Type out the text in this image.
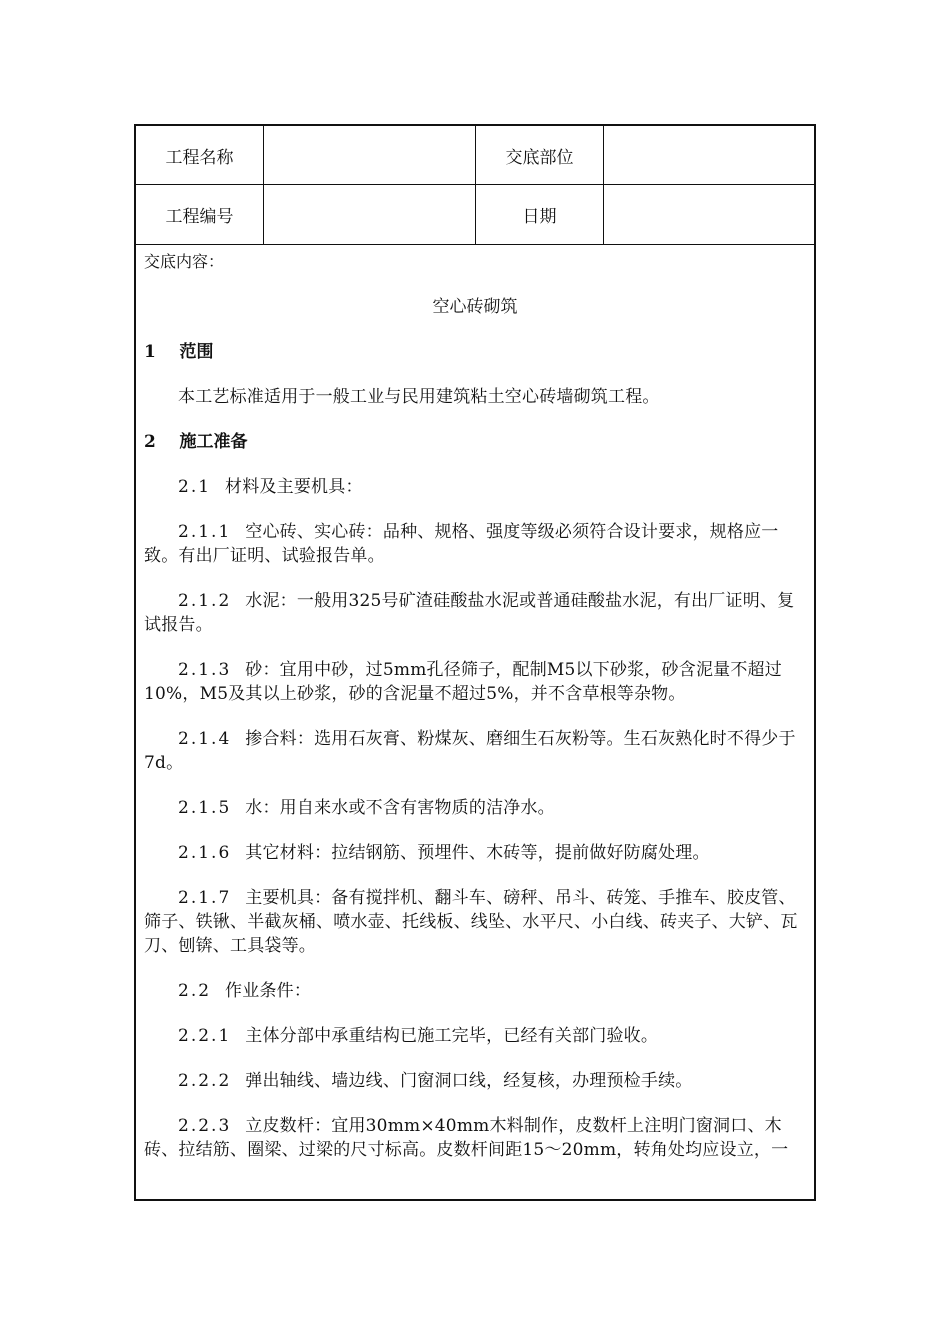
工程名称	交底部位
工程编号	日期
交底内容：
空心砖砌筑
1 范围
本工艺标准适用于一般工业与民用建筑粘土空心砖墙砌筑工程。
2 施工准备
2.1 材料及主要机具：
2.1.1 空心砖、实心砖：品种、规格、强度等级必须符合设计要求，规格应一致。有出厂证明、试验报告单。
2.1.2 水泥：一般用325号矿渣硅酸盐水泥或普通硅酸盐水泥，有出厂证明、复试报告。
2.1.3 砂：宜用中砂，过5mm孔径筛子，配制M5以下砂浆，砂含泥量不超过10%，M5及其以上砂浆，砂的含泥量不超过5%，并不含草根等杂物。
2.1.4 掺合料：选用石灰膏、粉煤灰、磨细生石灰粉等。生石灰熟化时不得少于7d。
2.1.5 水：用自来水或不含有害物质的洁净水。
2.1.6 其它材料：拉结钢筋、预埋件、木砖等，提前做好防腐处理。
2.1.7 主要机具：备有搅拌机、翻斗车、磅秤、吊斗、砖笼、手推车、胶皮管、筛子、铁锹、半截灰桶、喷水壶、托线板、线坠、水平尺、小白线、砖夹子、大铲、瓦刀、刨锛、工具袋等。
2.2 作业条件：
2.2.1 主体分部中承重结构已施工完毕，已经有关部门验收。
2.2.2 弹出轴线、墙边线、门窗洞口线，经复核，办理预检手续。
2.2.3 立皮数杆：宜用30mm×40mm木料制作，皮数杆上注明门窗洞口、木砖、拉结筋、圈梁、过梁的尺寸标高。皮数杆间距15～20mm，转角处均应设立，一
